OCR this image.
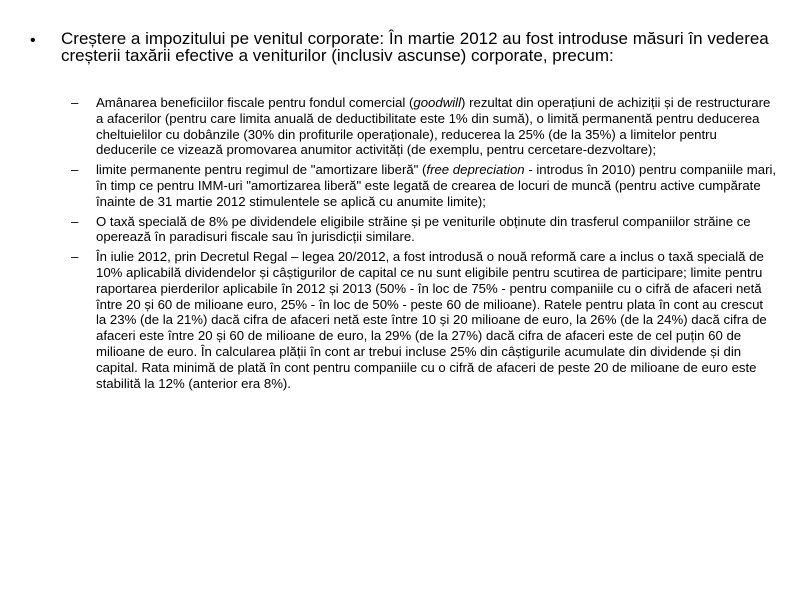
• Creștere a impozitului pe venitul corporate: În martie 2012 au fost introduse măsuri în vederea creșterii taxării efective a veniturilor (inclusiv ascunse) corporate, precum:
– Amânarea beneficiilor fiscale pentru fondul comercial (goodwill) rezultat din operațiuni de achiziții și de restructurare a afacerilor (pentru care limita anuală de deductibilitate este 1% din sumă), o limită permanentă pentru deducerea cheltuielilor cu dobânzile (30% din profiturile operaționale), reducerea la 25% (de la 35%) a limitelor pentru deducerile ce vizează promovarea anumitor activități (de exemplu, pentru cercetare-dezvoltare);
– limite permanente pentru regimul de "amortizare liberă" (free depreciation - introdus în 2010) pentru companiile mari, în timp ce pentru IMM-uri "amortizarea liberă" este legată de crearea de locuri de muncă (pentru active cumpărate înainte de 31 martie 2012 stimulentele se aplică cu anumite limite);
– O taxă specială de 8% pe dividendele eligibile străine și pe veniturile obținute din trasferul companiilor străine ce operează în paradisuri fiscale sau în jurisdicții similare.
– În iulie 2012, prin Decretul Regal – legea 20/2012, a fost introdusă o nouă reformă care a inclus o taxă specială de 10% aplicabilă dividendelor și câștigurilor de capital ce nu sunt eligibile pentru scutirea de participare; limite pentru raportarea pierderilor aplicabile în 2012 și 2013 (50% - în loc de 75% - pentru companiile cu o cifră de afaceri netă între 20 și 60 de milioane euro, 25% - în loc de 50% - peste 60 de milioane). Ratele pentru plata în cont au crescut la 23% (de la 21%) dacă cifra de afaceri netă este între 10 și 20 milioane de euro, la 26% (de la 24%) dacă cifra de afaceri este între 20 și 60 de milioane de euro, la 29% (de la 27%) dacă cifra de afaceri este de cel puțin 60 de milioane de euro. În calcularea plății în cont ar trebui incluse 25% din câștigurile acumulate din dividende și din capital. Rata minimă de plată în cont pentru companiile cu o cifră de afaceri de peste 20 de milioane de euro este stabilită la 12% (anterior era 8%).
